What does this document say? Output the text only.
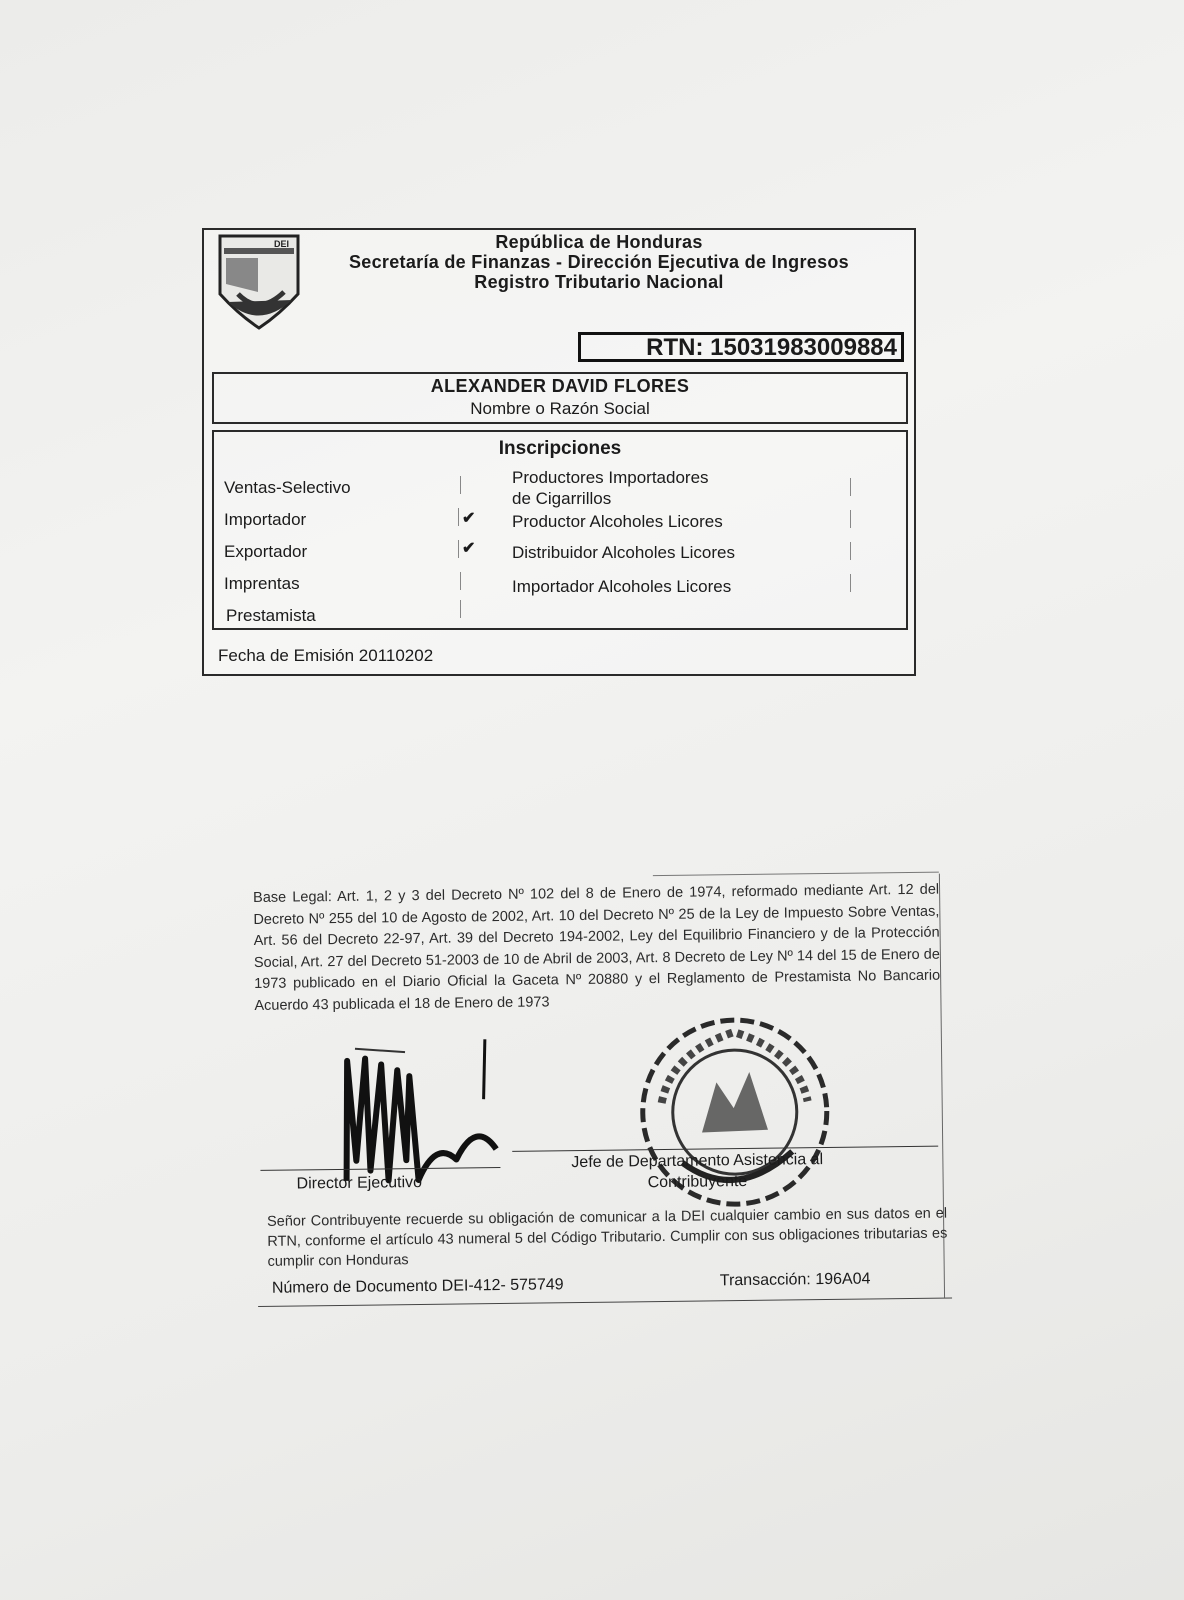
DEI	República de Honduras
Secretaría de Finanzas - Dirección Ejecutiva de Ingresos
Registro Tributario Nacional
RTN: 15031983009884
ALEXANDER DAVID FLORES
Nombre o Razón Social
Inscripciones
Ventas-Selectivo
Importador	✔
Exportador	✔
Imprentas
Prestamista
Productores Importadores
de Cigarrillos
Productor Alcoholes Licores
Distribuidor Alcoholes Licores
Importador Alcoholes Licores
Fecha de Emisión 20110202
Base Legal: Art. 1, 2 y 3 del Decreto Nº 102 del 8 de Enero de 1974, reformado mediante Art. 12 del Decreto Nº 255 del 10 de Agosto de 2002, Art. 10 del Decreto Nº 25 de la Ley de Impuesto Sobre Ventas, Art. 56 del Decreto 22-97, Art. 39 del Decreto 194-2002, Ley del Equilibrio Financiero y de la Protección Social, Art. 27 del Decreto 51-2003 de 10 de Abril de 2003, Art. 8 Decreto de Ley Nº 14 del 15 de Enero de 1973 publicado en el Diario Oficial la Gaceta Nº 20880 y el Reglamento de Prestamista No Bancario Acuerdo 43 publicada el 18 de Enero de 1973
Director Ejecutivo
Jefe de Departamento Asistencia al
Contribuyente
Señor Contribuyente recuerde su obligación de comunicar a la DEI cualquier cambio en sus datos en el RTN, conforme el artículo 43 numeral 5 del Código Tributario. Cumplir con sus obligaciones tributarias es cumplir con Honduras
Número de Documento DEI-412- 575749	Transacción: 196A04
